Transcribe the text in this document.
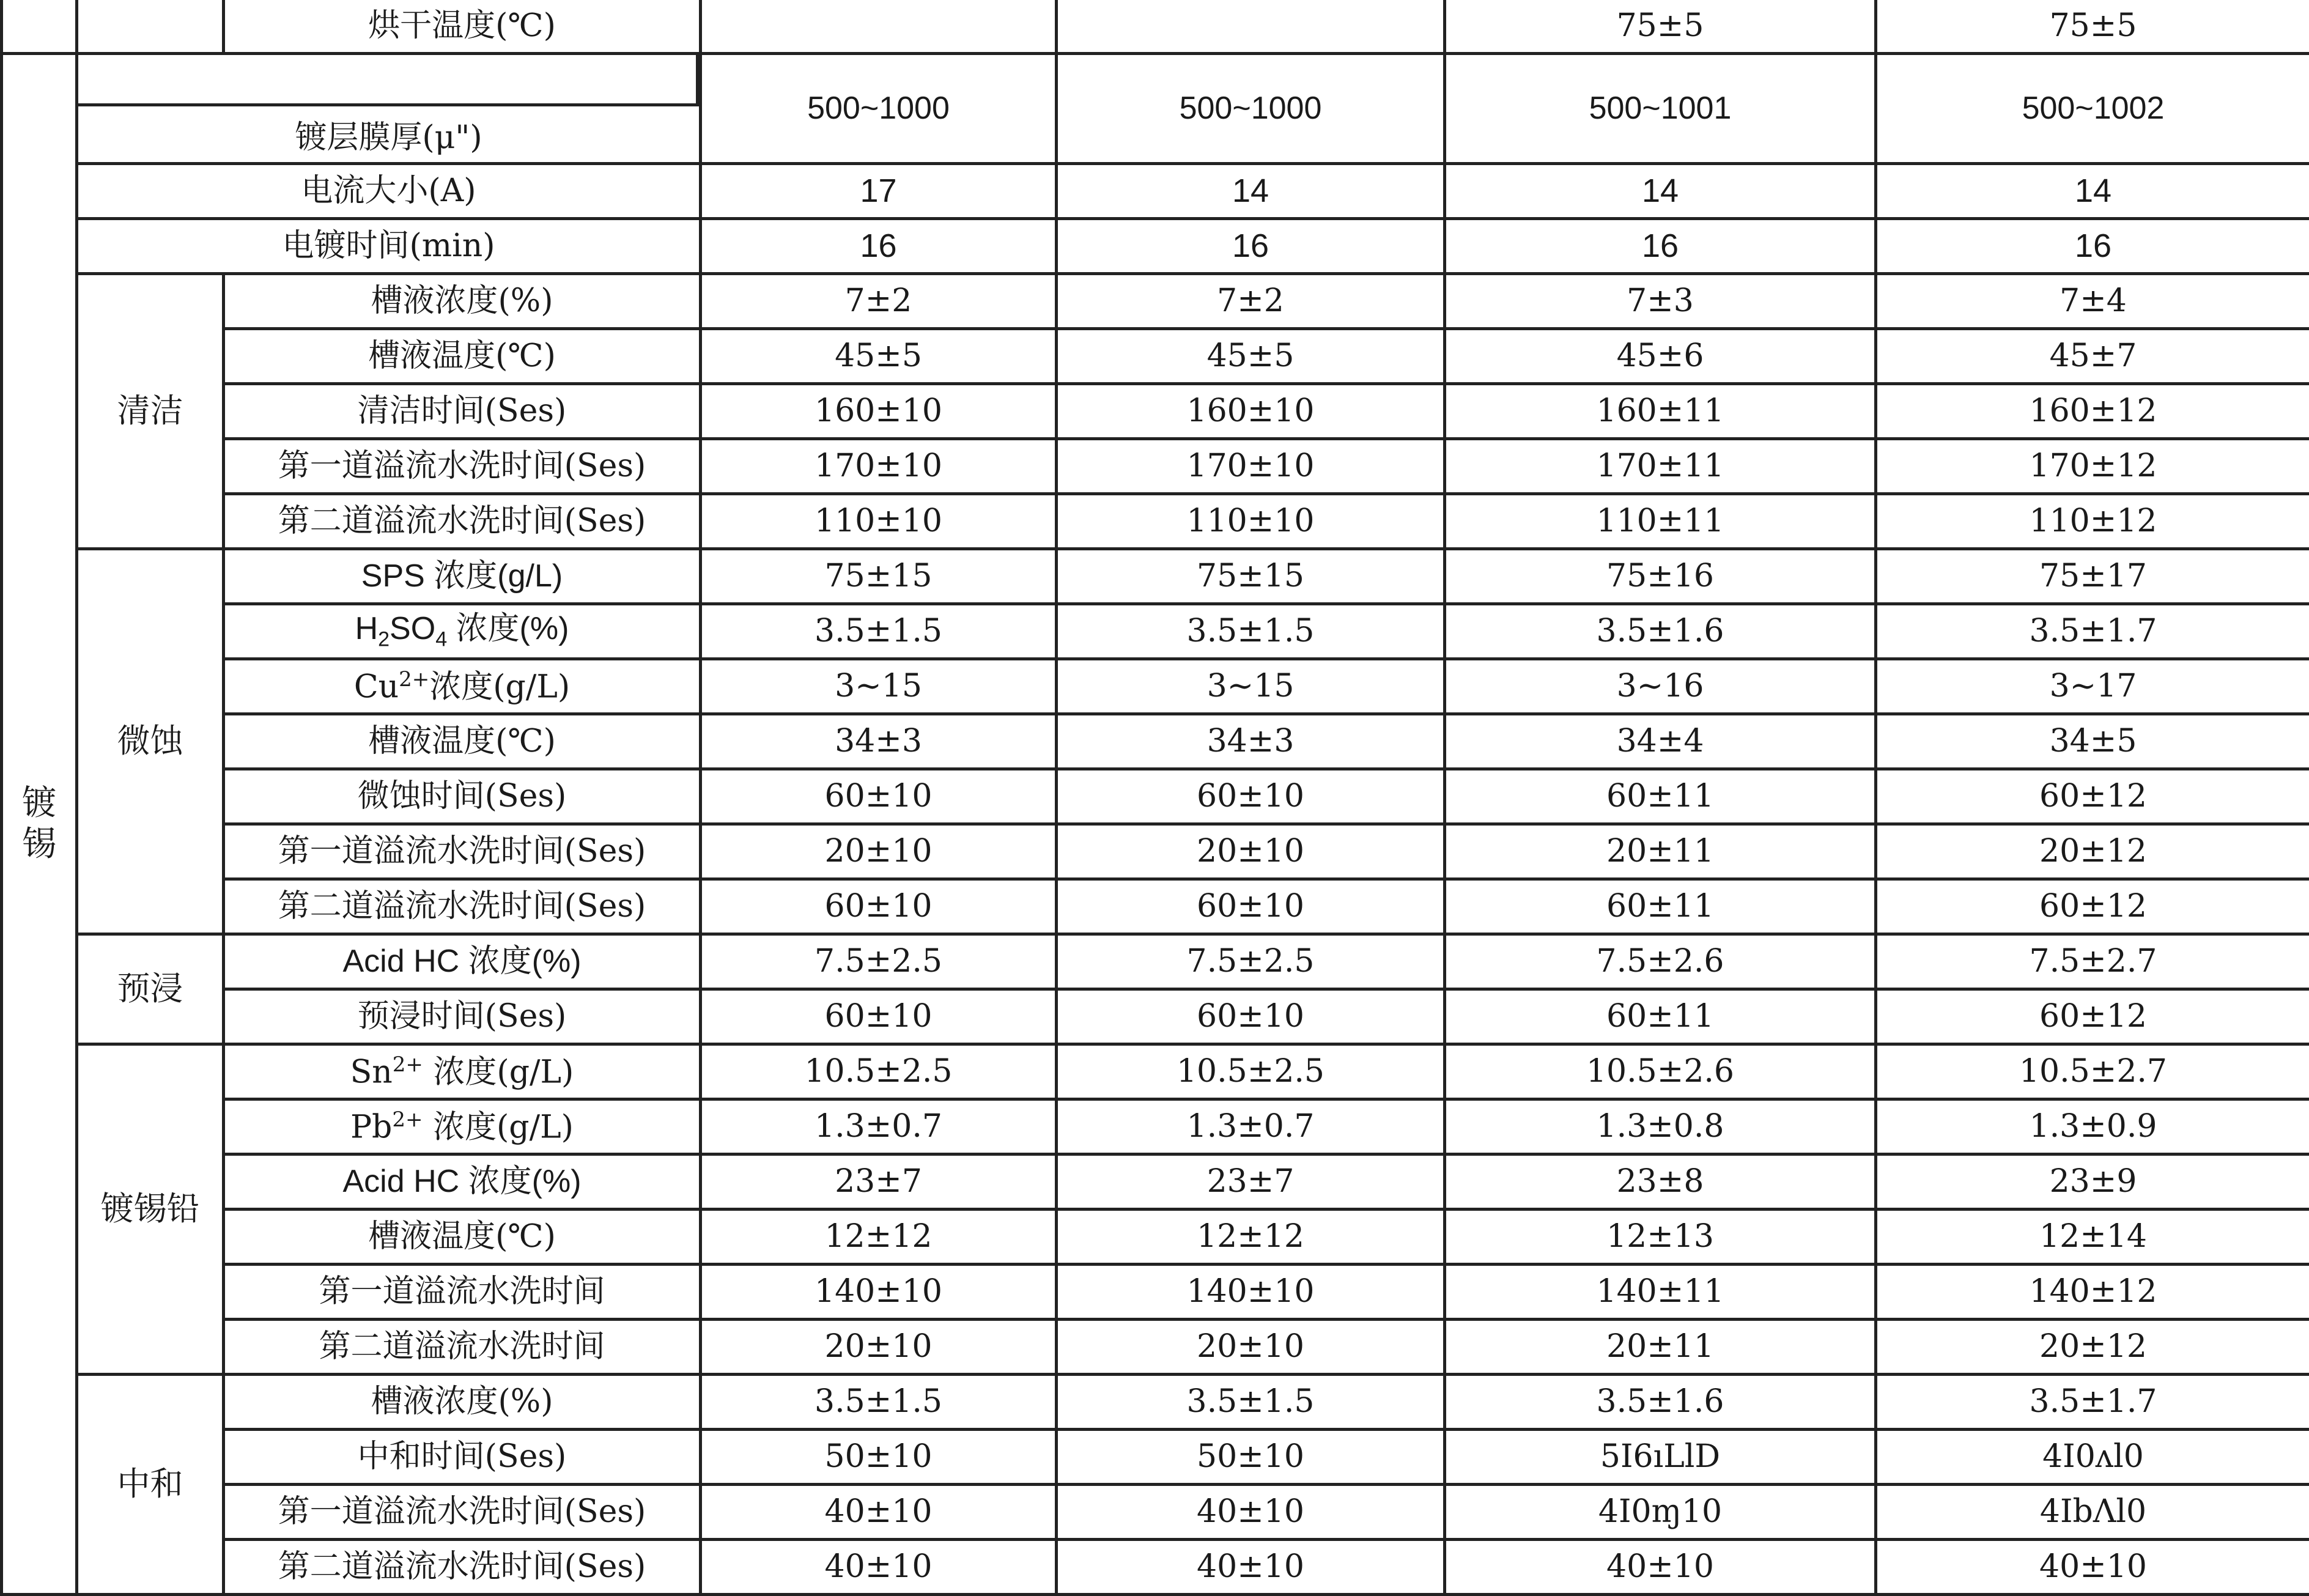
		烘干温度(℃)			75±5	75±5

镀
锡	镀层膜厚(μ")		500~1000	500~1000	500~1001	500~1002
	电流大小(A)		17	14	14	14
	电镀时间(min)		16	16	16	16
	清洁	槽液浓度(%)	7±2	7±2	7±3	7±4
		槽液温度(℃)	45±5	45±5	45±6	45±7
		清洁时间(Ses)	160±10	160±10	160±11	160±12
		第一道溢流水洗时间(Ses)	170±10	170±10	170±11	170±12
		第二道溢流水洗时间(Ses)	110±10	110±10	110±11	110±12
	微蚀	SPS 浓度(g/L)	75±15	75±15	75±16	75±17
		$H_2SO_4$ 浓度(%)	3.5±1.5	3.5±1.5	3.5±1.6	3.5±1.7
		$Cu^{2+}$浓度(g/L)	3~15	3~15	3~16	3~17
		槽液温度(℃)	34±3	34±3	34±4	34±5
		微蚀时间(Ses)	60±10	60±10	60±11	60±12
		第一道溢流水洗时间(Ses)	20±10	20±10	20±11	20±12
		第二道溢流水洗时间(Ses)	60±10	60±10	60±11	60±12
	预浸	Acid HC 浓度(%)	7.5±2.5	7.5±2.5	7.5±2.6	7.5±2.7
		预浸时间(Ses)	60±10	60±10	60±11	60±12
	镀锡铅	$Sn^{2+}$ 浓度(g/L)	10.5±2.5	10.5±2.5	10.5±2.6	10.5±2.7
		$Pb^{2+}$ 浓度(g/L)	1.3±0.7	1.3±0.7	1.3±0.8	1.3±0.9
		Acid HC 浓度(%)	23±7	23±7	23±8	23±9
		槽液温度(℃)	12±12	12±12	12±13	12±14
		第一道溢流水洗时间	140±10	140±10	140±11	140±12
		第二道溢流水洗时间	20±10	20±10	20±11	20±12
	中和	槽液浓度(%)	3.5±1.5	3.5±1.5	3.5±1.6	3.5±1.7
		中和时间(Ses)	50±10	50±10	5I6ıLlD	4I0ʌl0
		第一道溢流水洗时间(Ses)	40±10	40±10	4I0ɱ10	4IbɅl0
		第二道溢流水洗时间(Ses)	40±10	40±10	40±10	40±10
